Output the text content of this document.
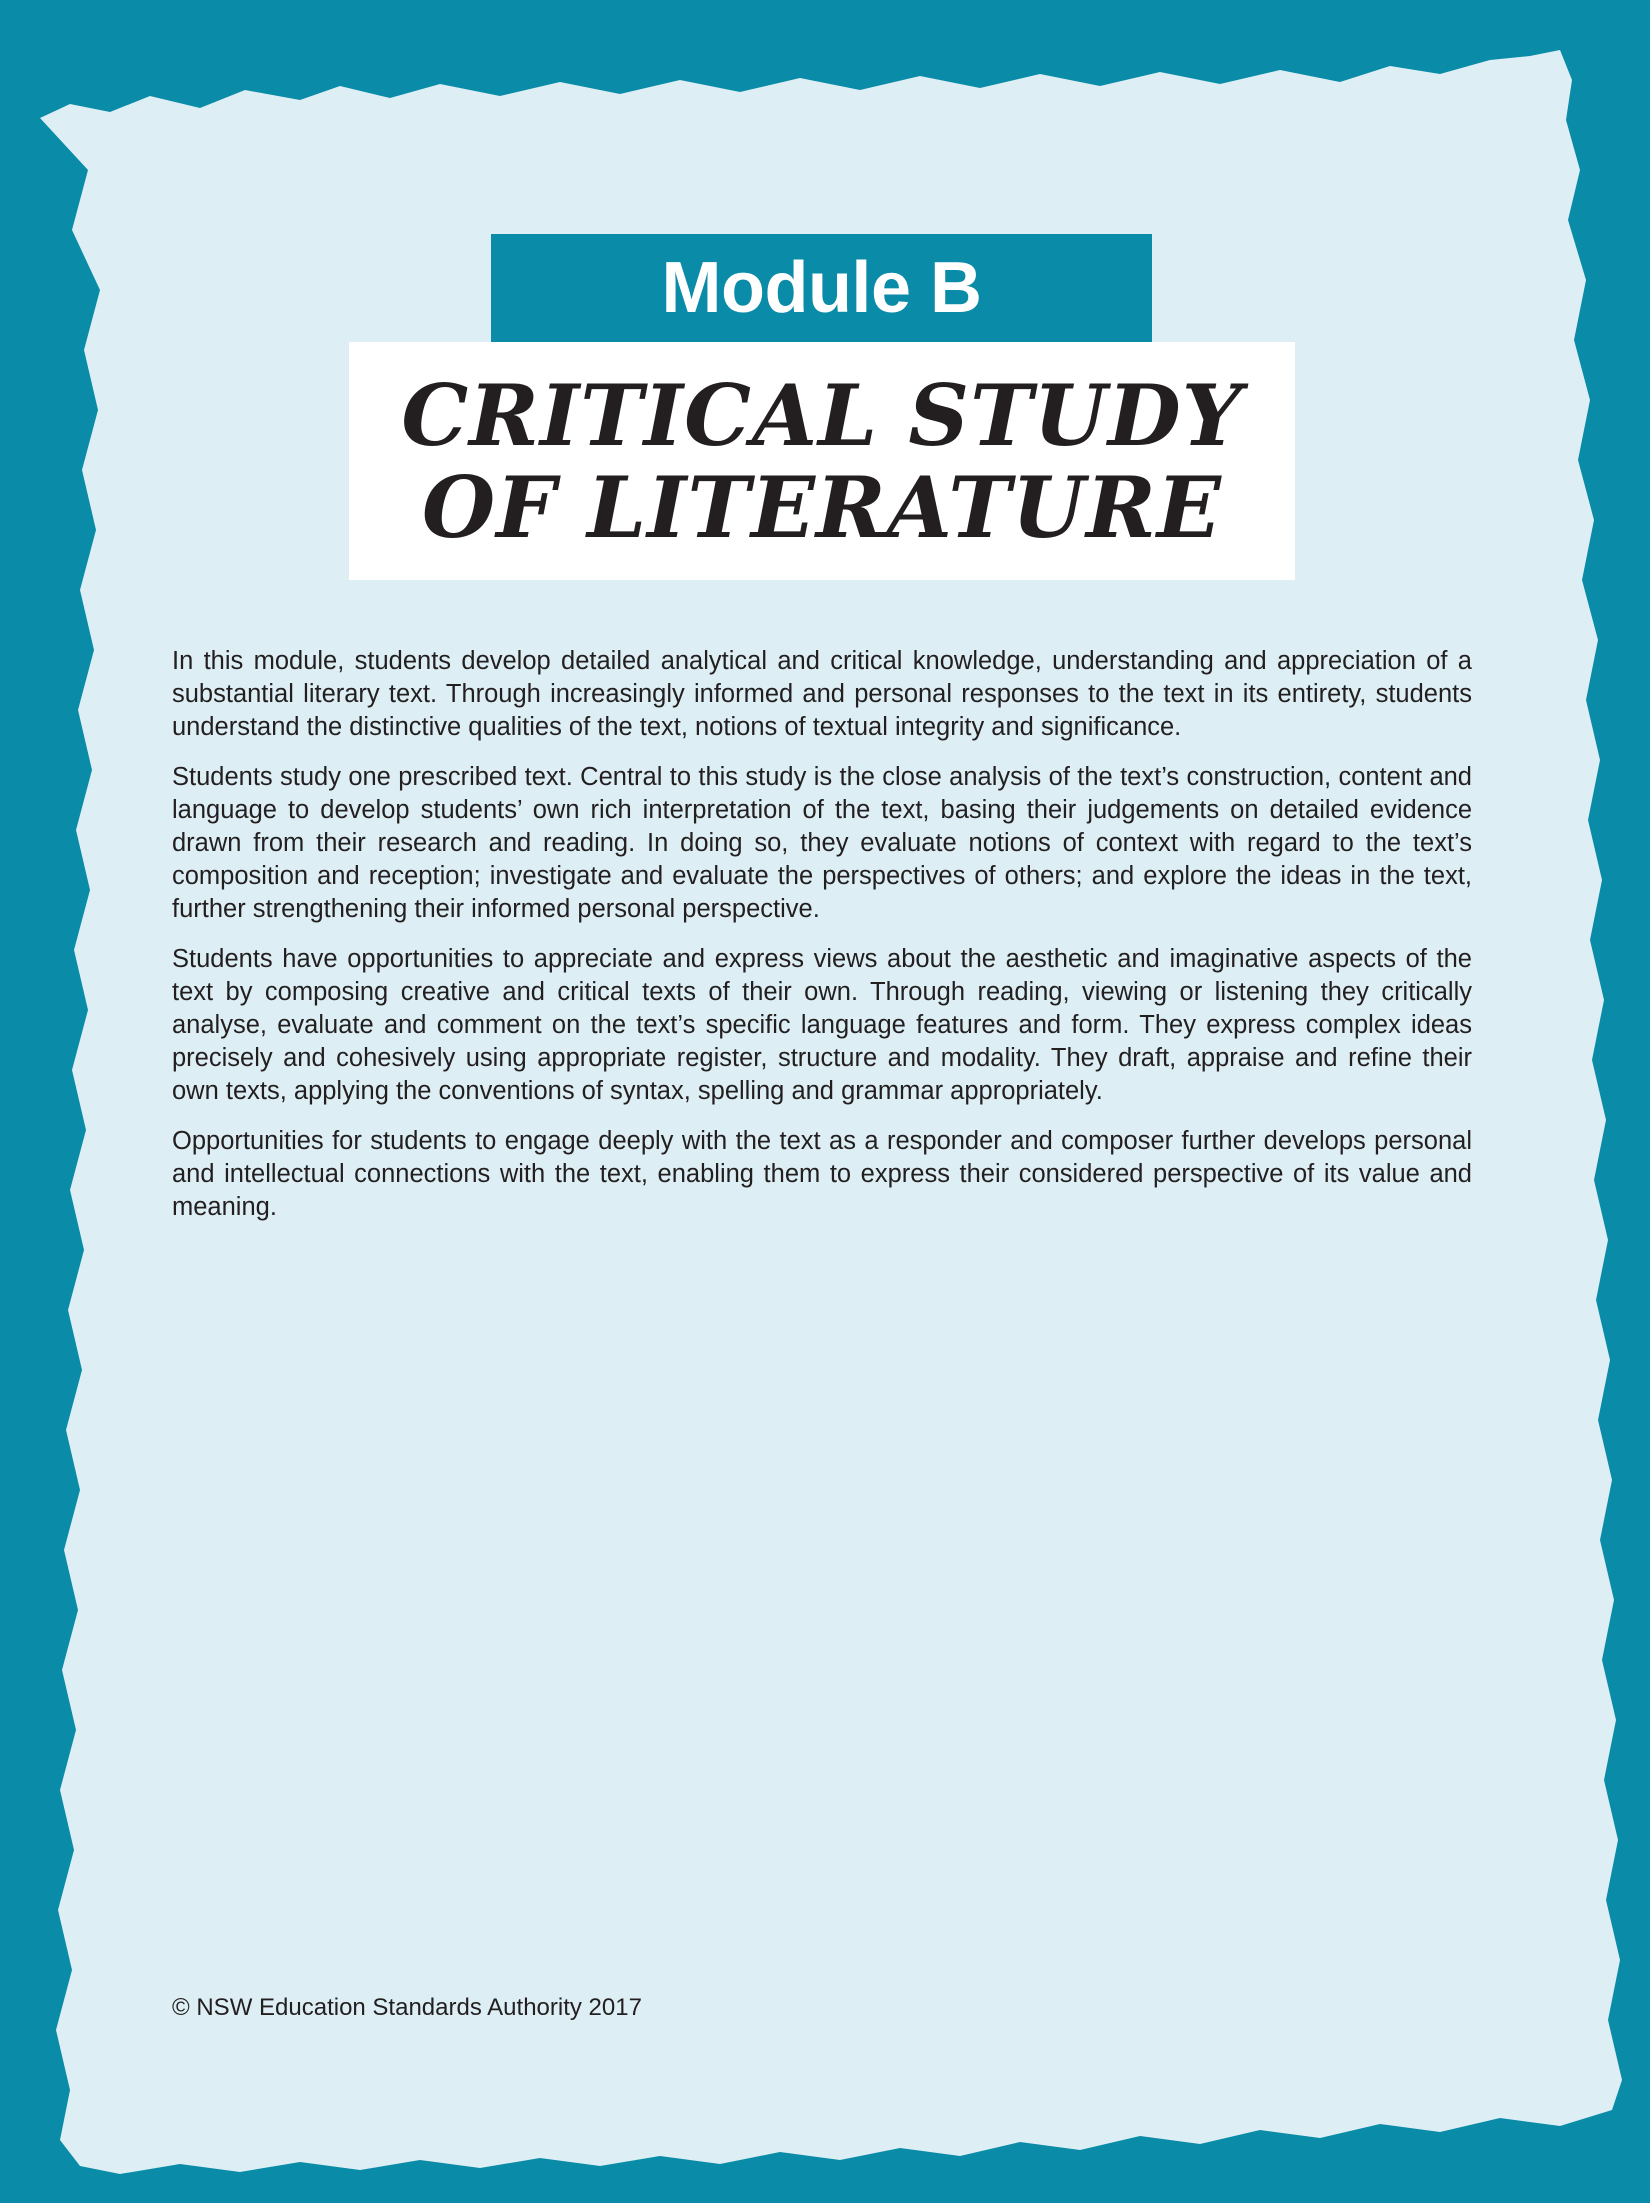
Module B
CRITICAL STUDY
OF LITERATURE

In this module, students develop detailed analytical and critical knowledge, understanding and appreciation of a substantial literary text. Through increasingly informed and personal responses to the text in its entirety, students understand the distinctive qualities of the text, notions of textual integrity and significance.

Students study one prescribed text. Central to this study is the close analysis of the text’s construction, content and language to develop students’ own rich interpretation of the text, basing their judgements on detailed evidence drawn from their research and reading. In doing so, they evaluate notions of context with regard to the text’s composition and reception; investigate and evaluate the perspectives of others; and explore the ideas in the text, further strengthening their informed personal perspective.

Students have opportunities to appreciate and express views about the aesthetic and imaginative aspects of the text by composing creative and critical texts of their own. Through reading, viewing or listening they critically analyse, evaluate and comment on the text’s specific language features and form. They express complex ideas precisely and cohesively using appropriate register, structure and modality. They draft, appraise and refine their own texts, applying the conventions of syntax, spelling and grammar appropriately.

Opportunities for students to engage deeply with the text as a responder and composer further develops personal and intellectual connections with the text, enabling them to express their considered perspective of its value and meaning.

© NSW Education Standards Authority 2017
